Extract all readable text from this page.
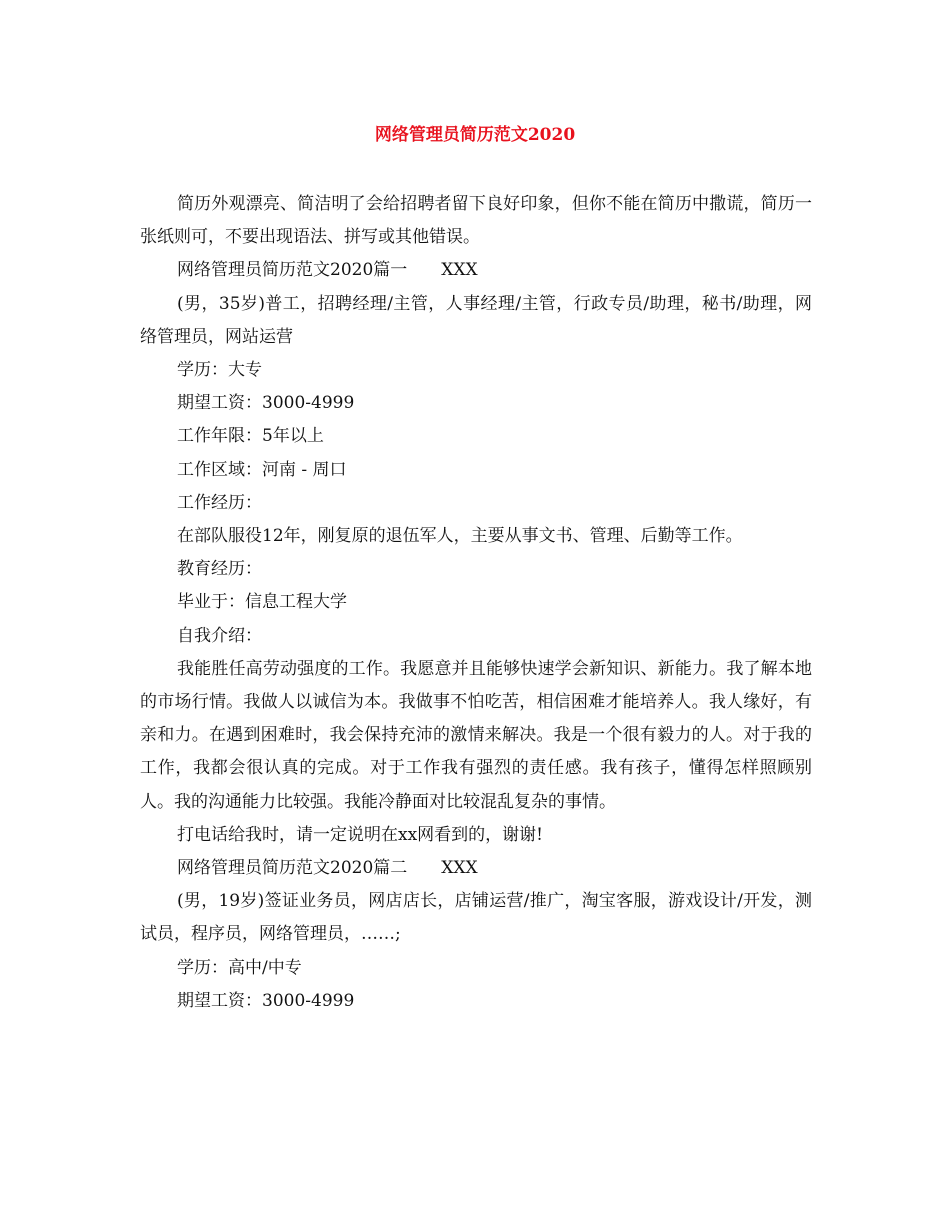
网络管理员简历范文2020

简历外观漂亮、简洁明了会给招聘者留下良好印象，但你不能在简历中撒谎，简历一张纸则可，不要出现语法、拼写或其他错误。

网络管理员简历范文2020篇一　　XXX

(男，35岁)普工，招聘经理/主管，人事经理/主管，行政专员/助理，秘书/助理，网络管理员，网站运营

学历：大专

期望工资：3000-4999

工作年限：5年以上

工作区域：河南 - 周口

工作经历：

在部队服役12年，刚复原的退伍军人，主要从事文书、管理、后勤等工作。

教育经历：

毕业于：信息工程大学

自我介绍：

我能胜任高劳动强度的工作。我愿意并且能够快速学会新知识、新能力。我了解本地的市场行情。我做人以诚信为本。我做事不怕吃苦，相信困难才能培养人。我人缘好，有亲和力。在遇到困难时，我会保持充沛的激情来解决。我是一个很有毅力的人。对于我的工作，我都会很认真的完成。对于工作我有强烈的责任感。我有孩子，懂得怎样照顾别人。我的沟通能力比较强。我能冷静面对比较混乱复杂的事情。

打电话给我时，请一定说明在xx网看到的，谢谢!

网络管理员简历范文2020篇二　　XXX

(男，19岁)签证业务员，网店店长，店铺运营/推广，淘宝客服，游戏设计/开发，测试员，程序员，网络管理员，……;

学历：高中/中专

期望工资：3000-4999
